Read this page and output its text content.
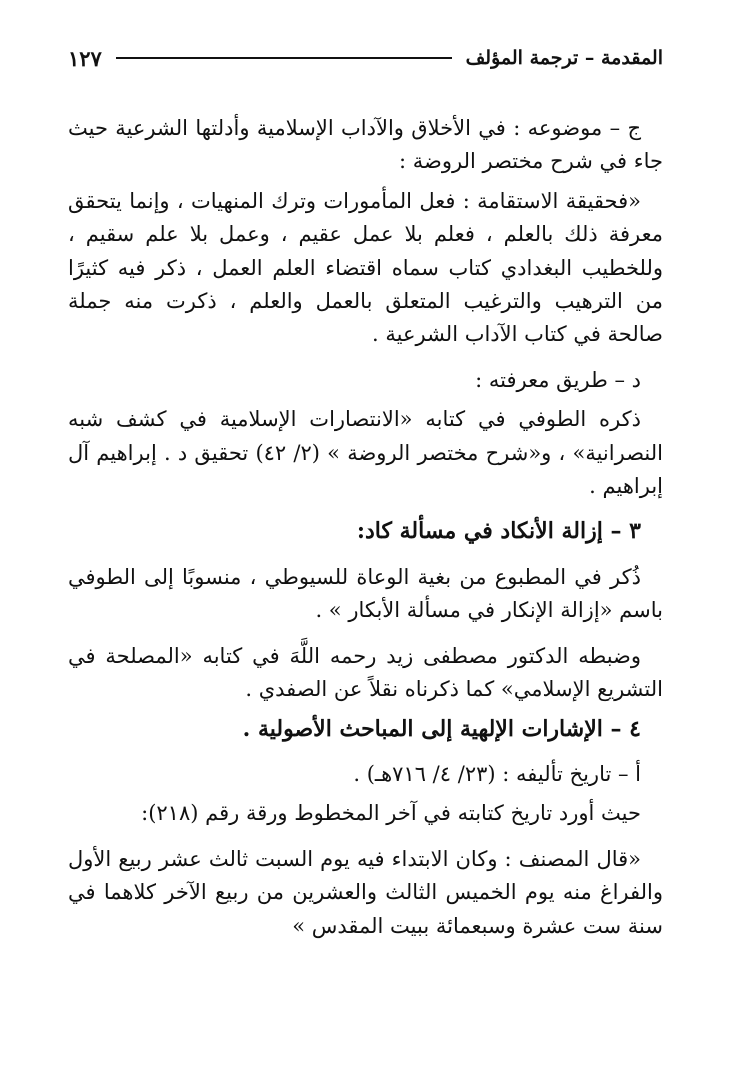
المقدمة – ترجمة المؤلف
١٢٧

ج – موضوعه : في الأخلاق والآداب الإسلامية وأدلتها الشرعية حيث جاء في شرح مختصر الروضة :

«فحقيقة الاستقامة : فعل المأمورات وترك المنهيات ، وإنما يتحقق معرفة ذلك بالعلم ، فعلم بلا عمل عقيم ، وعمل بلا علم سقيم ، وللخطيب البغدادي كتاب سماه اقتضاء العلم العمل ، ذكر فيه كثيرًا من الترهيب والترغيب المتعلق بالعمل والعلم ، ذكرت منه جملة صالحة في كتاب الآداب الشرعية .

د – طريق معرفته :

ذكره الطوفي في كتابه «الانتصارات الإسلامية في كشف شبه النصرانية» ، و«شرح مختصر الروضة » (٢/ ٤٢) تحقيق د . إبراهيم آل إبراهيم .

٣ – إزالة الأنكاد في مسألة كاد:

ذُكر في المطبوع من بغية الوعاة للسيوطي ، منسوبًا إلى الطوفي باسم «إزالة الإنكار في مسألة الأبكار » .

وضبطه الدكتور مصطفى زيد رحمه اللَّهَ في كتابه «المصلحة في التشريع الإسلامي» كما ذكرناه نقلاً عن الصفدي .

٤ – الإشارات الإلهية إلى المباحث الأصولية .

أ – تاريخ تأليفه : (٢٣/ ٤/ ٧١٦هـ) .

حيث أورد تاريخ كتابته في آخر المخطوط ورقة رقم (٢١٨):

«قال المصنف : وكان الابتداء فيه يوم السبت ثالث عشر ربيع الأول والفراغ منه يوم الخميس الثالث والعشرين من ربيع الآخر كلاهما في سنة ست عشرة وسبعمائة ببيت المقدس »
